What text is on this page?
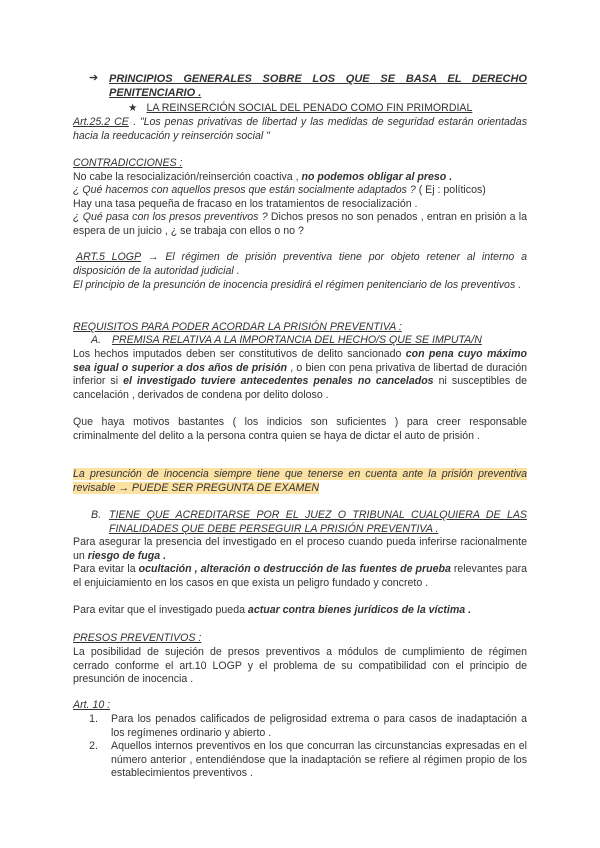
➔ PRINCIPIOS GENERALES SOBRE LOS QUE SE BASA EL DERECHO PENITENCIARIO .
★ LA REINSERCIÓN SOCIAL DEL PENADO COMO FIN PRIMORDIAL

Art.25.2 CE . "Los penas privativas de libertad y las medidas de seguridad estarán orientadas hacia la reeducación y reinserción social "

CONTRADICCIONES :
No cabe la resocialización/reinserción coactiva , no podemos obligar al preso .
¿ Qué hacemos con aquellos presos que están socialmente adaptados ? ( Ej : políticos)
Hay una tasa pequeña de fracaso en los tratamientos de resocialización .

¿ Qué pasa con los presos preventivos ? Dichos presos no son penados , entran en prisión a la espera de un juicio , ¿ se trabaja con ellos o no ?

ART.5 LOGP → El régimen de prisión preventiva tiene por objeto retener al interno a disposición de la autoridad judicial .

El principio de la presunción de inocencia presidirá el régimen penitenciario de los preventivos .

REQUISITOS PARA PODER ACORDAR LA PRISIÓN PREVENTIVA :
A. PREMISA RELATIVA A LA IMPORTANCIA DEL HECHO/S QUE SE IMPUTA/N

Los hechos imputados deben ser constitutivos de delito sancionado con pena cuyo máximo sea igual o superior a dos años de prisión , o bien con pena privativa de libertad de duración inferior si el investigado tuviere antecedentes penales no cancelados ni susceptibles de cancelación , derivados de condena por delito doloso .

Que haya motivos bastantes ( los indicios son suficientes ) para creer responsable criminalmente del delito a la persona contra quien se haya de dictar el auto de prisión .

La presunción de inocencia siempre tiene que tenerse en cuenta ante la prisión preventiva revisable → PUEDE SER PREGUNTA DE EXAMEN

B. TIENE QUE ACREDITARSE POR EL JUEZ O TRIBUNAL CUALQUIERA DE LAS FINALIDADES QUE DEBE PERSEGUIR LA PRISIÓN PREVENTIVA .

Para asegurar la presencia del investigado en el proceso cuando pueda inferirse racionalmente un riesgo de fuga .

Para evitar la ocultación , alteración o destrucción de las fuentes de prueba relevantes para el enjuiciamiento en los casos en que exista un peligro fundado y concreto .

Para evitar que el investigado pueda actuar contra bienes jurídicos de la víctima .

PRESOS PREVENTIVOS :

La posibilidad de sujeción de presos preventivos a módulos de cumplimiento de régimen cerrado conforme el art.10 LOGP y el problema de su compatibilidad con el principio de presunción de inocencia .

Art. 10 :
1. Para los penados calificados de peligrosidad extrema o para casos de inadaptación a los regímenes ordinario y abierto .
2. Aquellos internos preventivos en los que concurran las circunstancias expresadas en el número anterior , entendiéndose que la inadaptación se refiere al régimen propio de los establecimientos preventivos .
